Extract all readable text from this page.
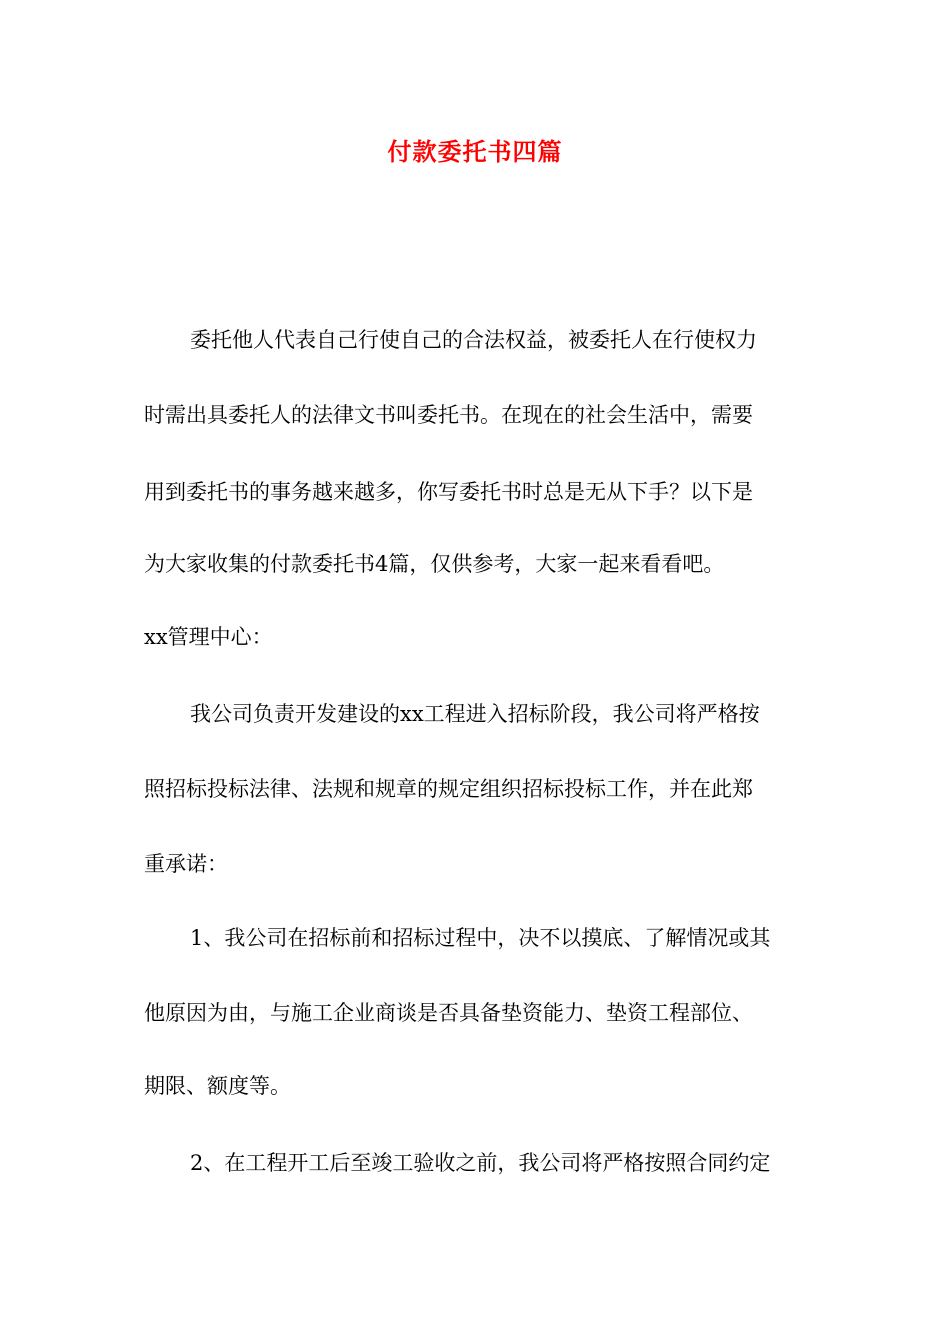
付款委托书四篇
委托他人代表自己行使自己的合法权益，被委托人在行使权力
时需出具委托人的法律文书叫委托书。在现在的社会生活中，需要
用到委托书的事务越来越多，你写委托书时总是无从下手？以下是
为大家收集的付款委托书4篇，仅供参考，大家一起来看看吧。
xx管理中心：
我公司负责开发建设的xx工程进入招标阶段，我公司将严格按
照招标投标法律、法规和规章的规定组织招标投标工作，并在此郑
重承诺：
1、我公司在招标前和招标过程中，决不以摸底、了解情况或其
他原因为由，与施工企业商谈是否具备垫资能力、垫资工程部位、
期限、额度等。
2、在工程开工后至竣工验收之前，我公司将严格按照合同约定
